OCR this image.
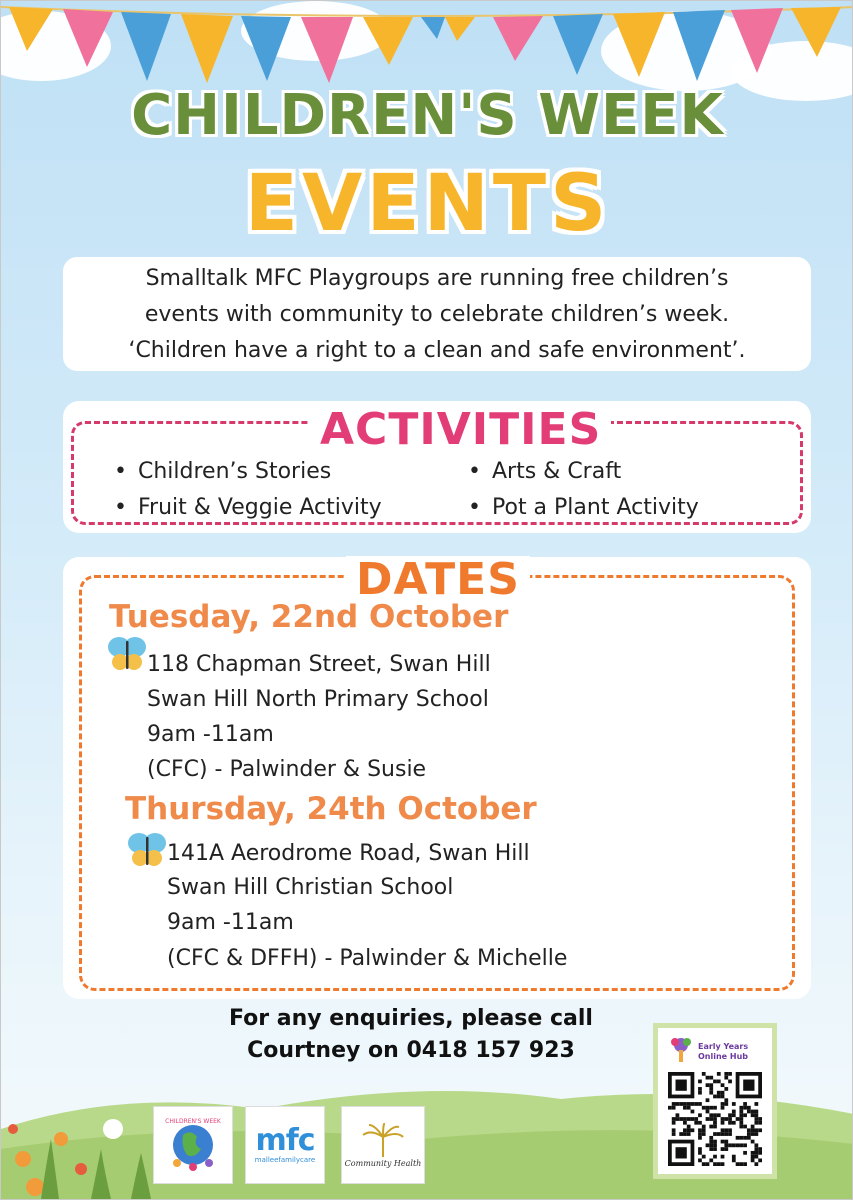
CHILDREN'S WEEK
EVENTS
Smalltalk MFC Playgroups are running free children’s
events with community to celebrate children’s week.
‘Children have a right to a clean and safe environment’.
ACTIVITIES
• Children’s Stories
• Fruit & Veggie Activity
• Arts & Craft
• Pot a Plant Activity
DATES
Tuesday, 22nd October
118 Chapman Street, Swan Hill
Swan Hill North Primary School
9am -11am
(CFC) - Palwinder & Susie
Thursday, 24th October
141A Aerodrome Road, Swan Hill
Swan Hill Christian School
9am -11am
(CFC & DFFH) - Palwinder & Michelle
For any enquiries, please call
Courtney on 0418 157 923
CHILDREN'S WEEK
mfc
malleefamilycare	Community Health
Early Years
Online Hub
